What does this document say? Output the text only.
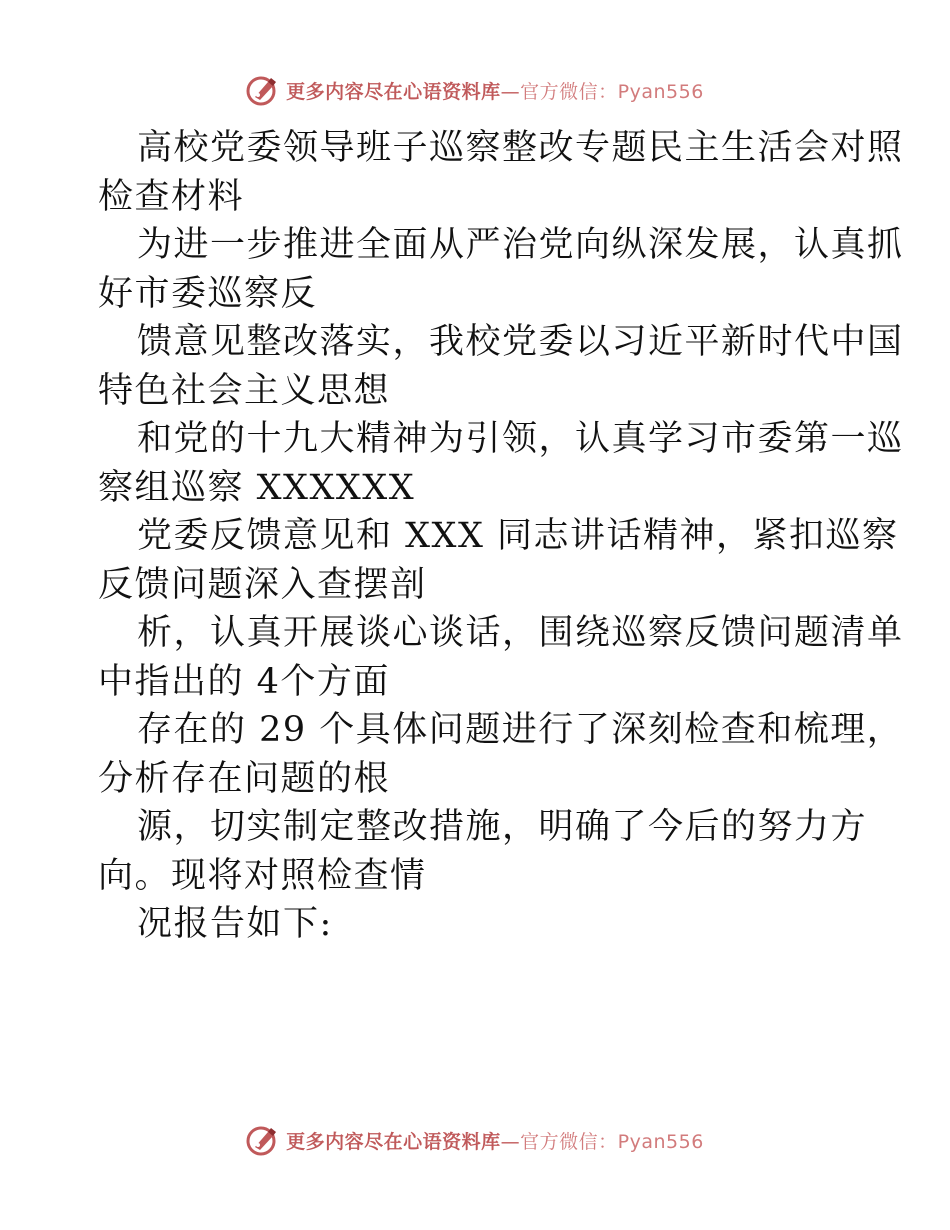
更多内容尽在心语资料库—官方微信：Pyan556
高校党委领导班子巡察整改专题民主生活会对照
检查材料
为进一步推进全面从严治党向纵深发展，认真抓
好市委巡察反
馈意见整改落实，我校党委以习近平新时代中国
特色社会主义思想
和党的十九大精神为引领，认真学习市委第一巡
察组巡察 XXXXXX
党委反馈意见和 XXX 同志讲话精神，紧扣巡察
反馈问题深入查摆剖
析，认真开展谈心谈话，围绕巡察反馈问题清单
中指出的 4个方面
存在的 29 个具体问题进行了深刻检查和梳理，
分析存在问题的根
源，切实制定整改措施，明确了今后的努力方
向。现将对照检查情
况报告如下:
更多内容尽在心语资料库—官方微信：Pyan556
